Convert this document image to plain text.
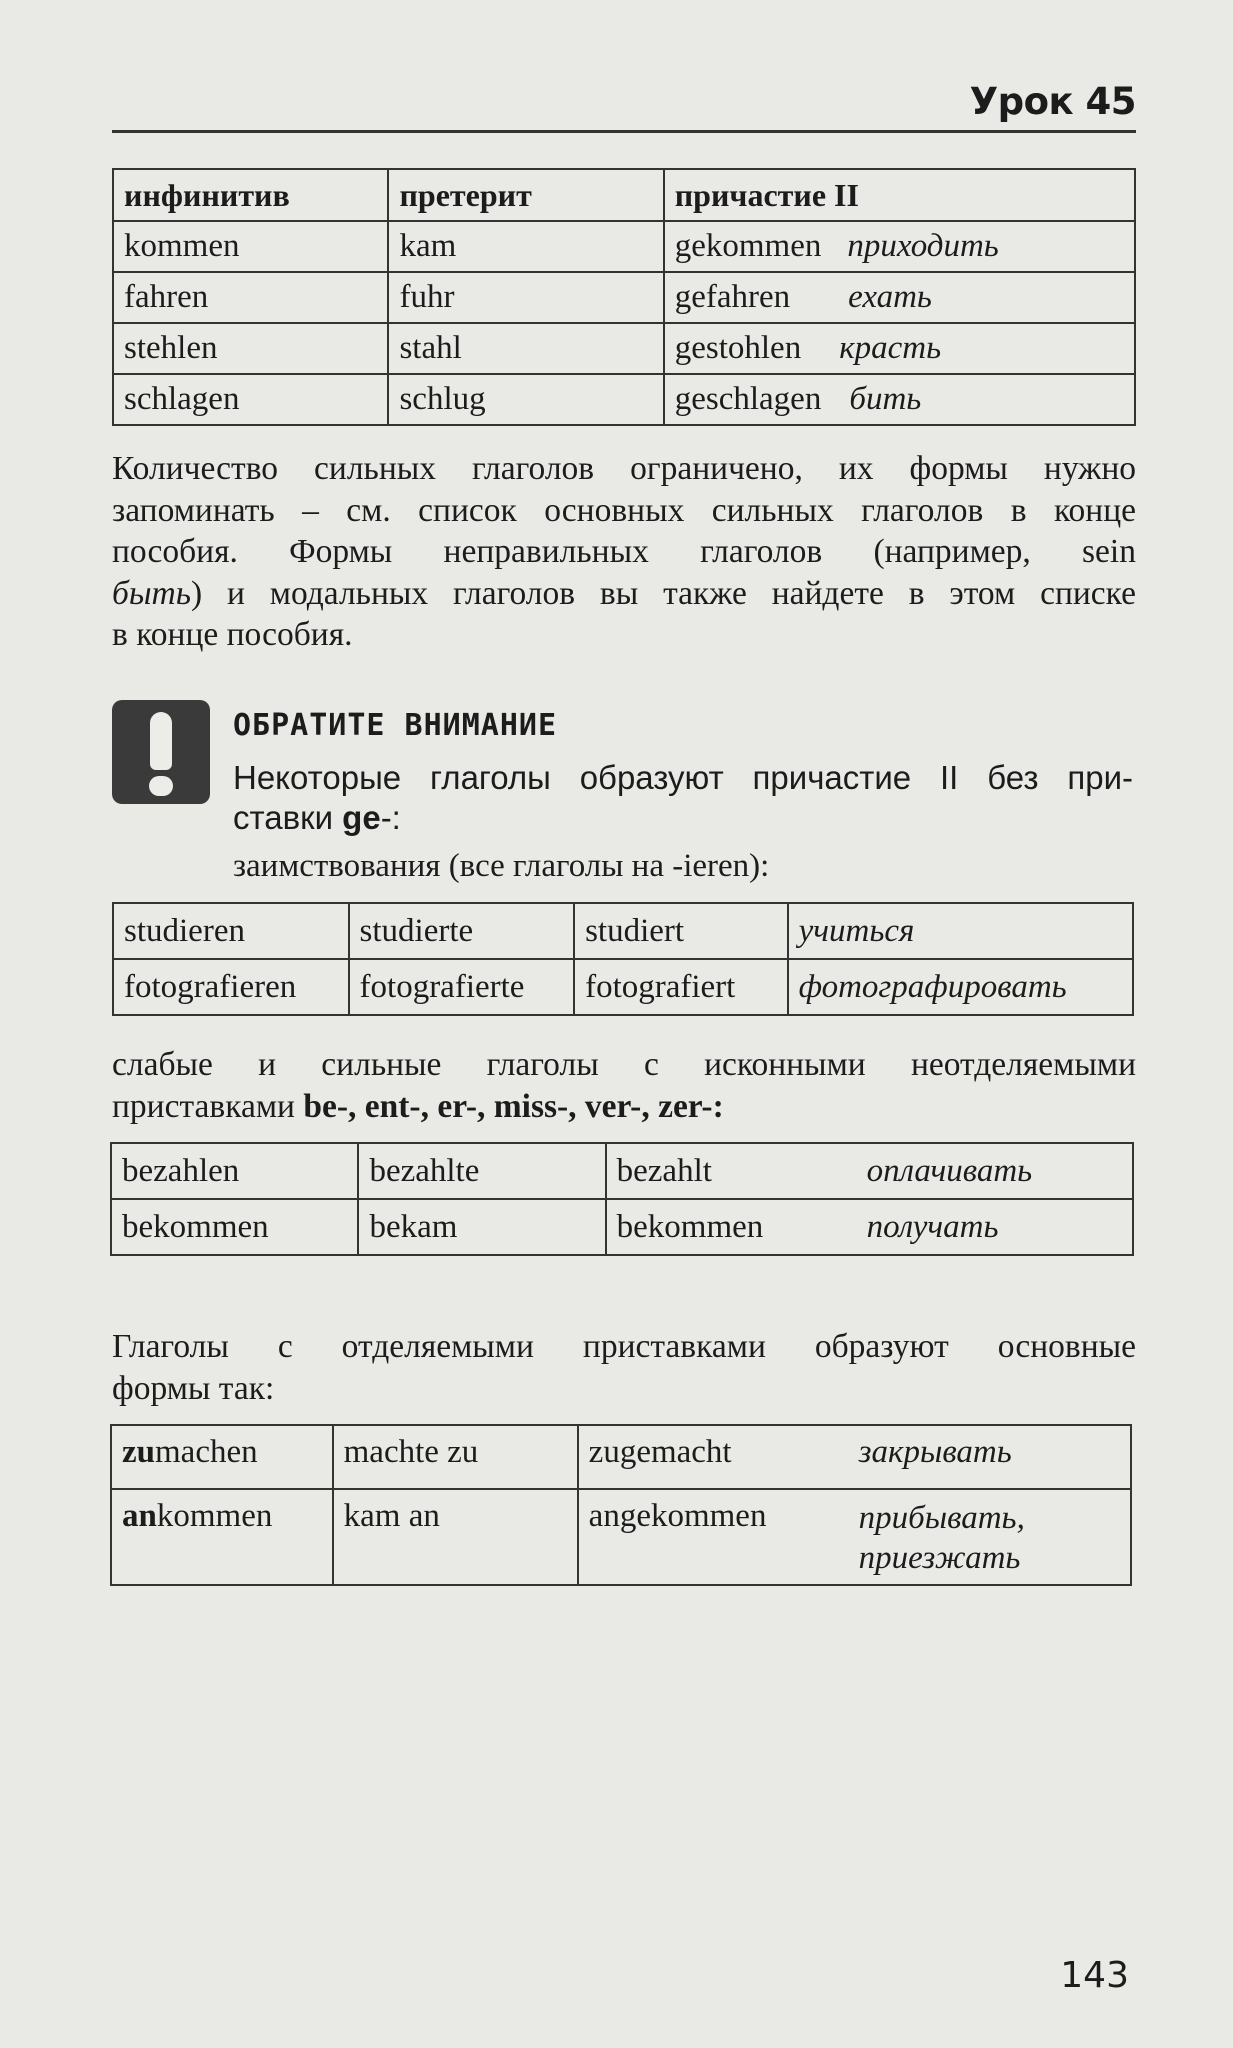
Урок 45
инфинитив	претерит	причастие II
kommen	kam	gekommen приходить

fahren	fuhr	gefahren ехать

stehlen	stahl	gestohlen красть

schlagen	schlug	geschlagen бить
Количество сильных глаголов ограничено, их формы нужно
запоминать – см. список основных сильных глаголов в конце
пособия. Формы неправильных глаголов (например, sein
быть) и модальных глаголов вы также найдете в этом списке
в конце пособия.
ОБРАТИТЕ ВНИМАНИЕ
Некоторые глаголы образуют причастие II без при-
ставки ge-:
заимствования (все глаголы на -ieren):
studieren	studierte	studiert	учиться
fotografieren	fotografierte	fotografiert	фотографировать
слабые и сильные глаголы с исконными неотделяемыми
приставками be-, ent-, er-, miss-, ver-, zer-:
bezahlen	bezahlte	bezahlt оплачивать

bekommen	bekam	bekommen получать
Глаголы с отделяемыми приставками образуют основные
формы так:
zumachen	machte zu	zugemacht закрывать

ankommen	kam an	angekommen прибывать,
приезжать
143
